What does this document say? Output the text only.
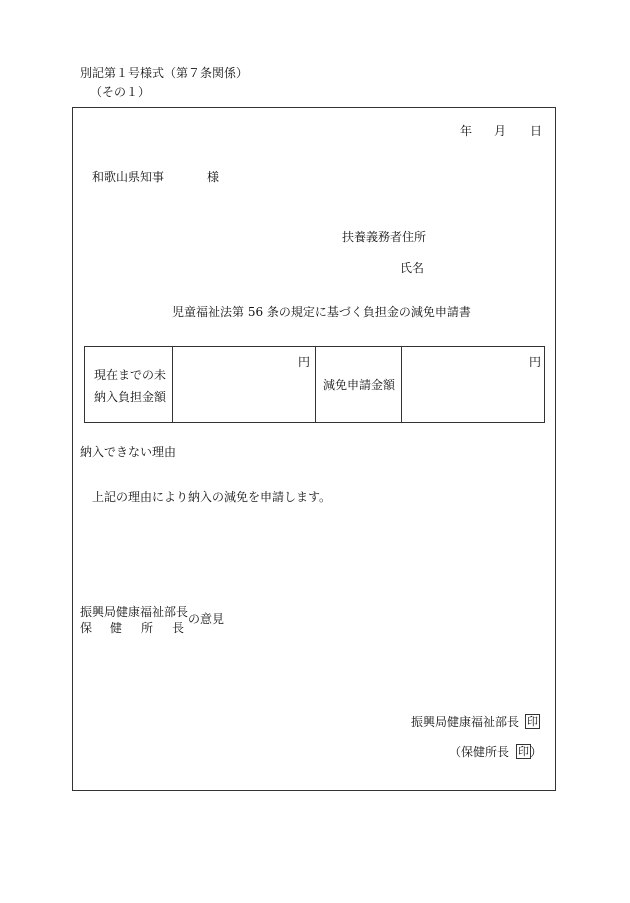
別記第１号様式（第７条関係）
（その１）
年 月 日
和歌山県知事	様
扶養義務者住所
氏名
児童福祉法第 56 条の規定に基づく負担金の減免申請書
現在までの未
納入負担金額
円
減免申請金額
円
納入できない理由
上記の理由により納入の減免を申請します。
振興局健康福祉部長
保 健 所 長
の意見
振興局健康福祉部長 印
（保健所長 印 ）
